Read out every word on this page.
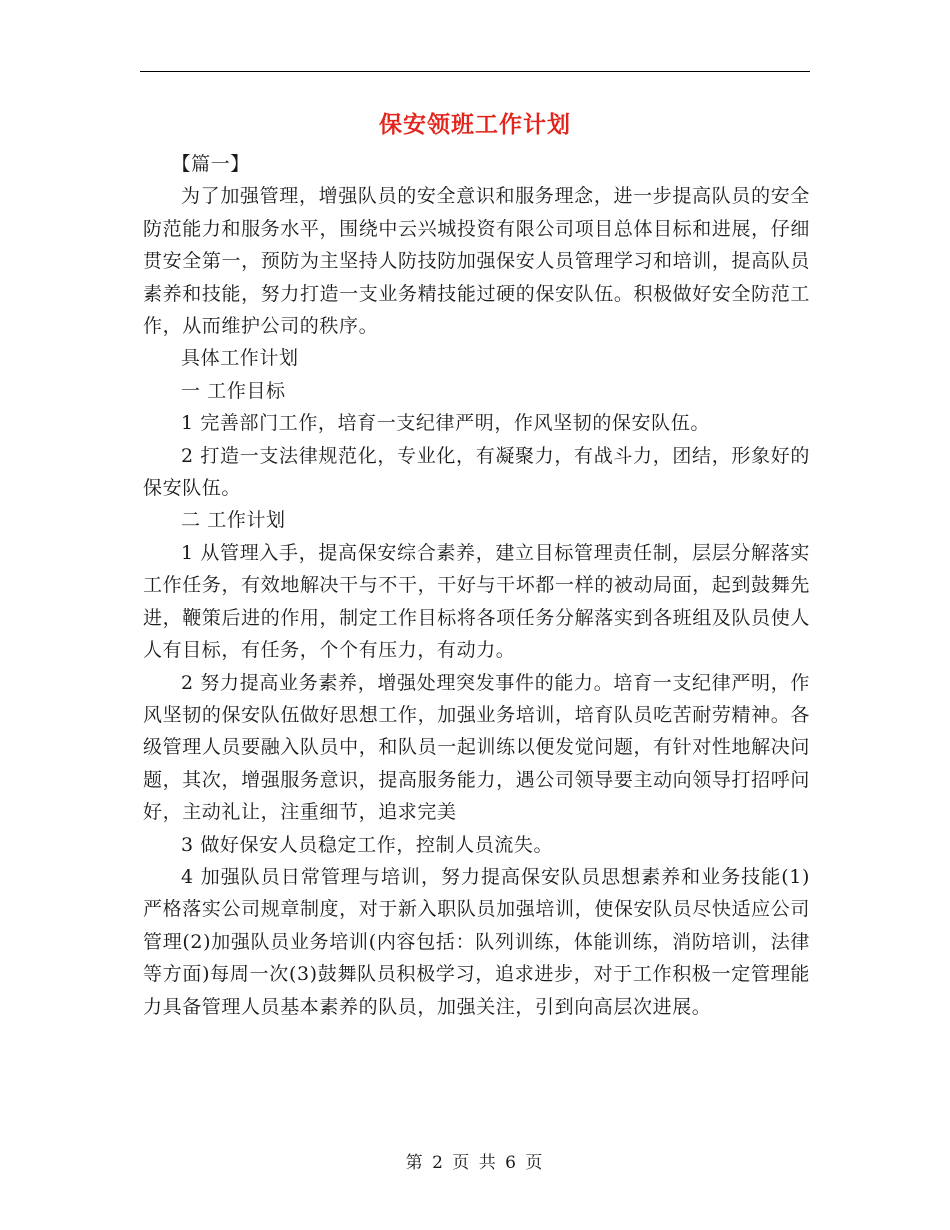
保安领班工作计划

【篇一】

为了加强管理，增强队员的安全意识和服务理念，进一步提高队员的安全防范能力和服务水平，围绕中云兴城投资有限公司项目总体目标和进展，仔细贯安全第一，预防为主坚持人防技防加强保安人员管理学习和培训，提高队员素养和技能，努力打造一支业务精技能过硬的保安队伍。积极做好安全防范工作，从而维护公司的秩序。

具体工作计划

一 工作目标

1 完善部门工作，培育一支纪律严明，作风坚韧的保安队伍。

2 打造一支法律规范化，专业化，有凝聚力，有战斗力，团结，形象好的保安队伍。

二 工作计划

1 从管理入手，提高保安综合素养，建立目标管理责任制，层层分解落实工作任务，有效地解决干与不干，干好与干坏都一样的被动局面，起到鼓舞先进，鞭策后进的作用，制定工作目标将各项任务分解落实到各班组及队员使人人有目标，有任务，个个有压力，有动力。

2 努力提高业务素养，增强处理突发事件的能力。培育一支纪律严明，作风坚韧的保安队伍做好思想工作，加强业务培训，培育队员吃苦耐劳精神。各级管理人员要融入队员中，和队员一起训练以便发觉问题，有针对性地解决问题，其次，增强服务意识，提高服务能力，遇公司领导要主动向领导打招呼问好，主动礼让，注重细节，追求完美

3 做好保安人员稳定工作，控制人员流失。

4 加强队员日常管理与培训，努力提高保安队员思想素养和业务技能(1)严格落实公司规章制度，对于新入职队员加强培训，使保安队员尽快适应公司管理(2)加强队员业务培训(内容包括：队列训练，体能训练，消防培训，法律等方面)每周一次(3)鼓舞队员积极学习，追求进步，对于工作积极一定管理能力具备管理人员基本素养的队员，加强关注，引到向高层次进展。

第 2 页 共 6 页
